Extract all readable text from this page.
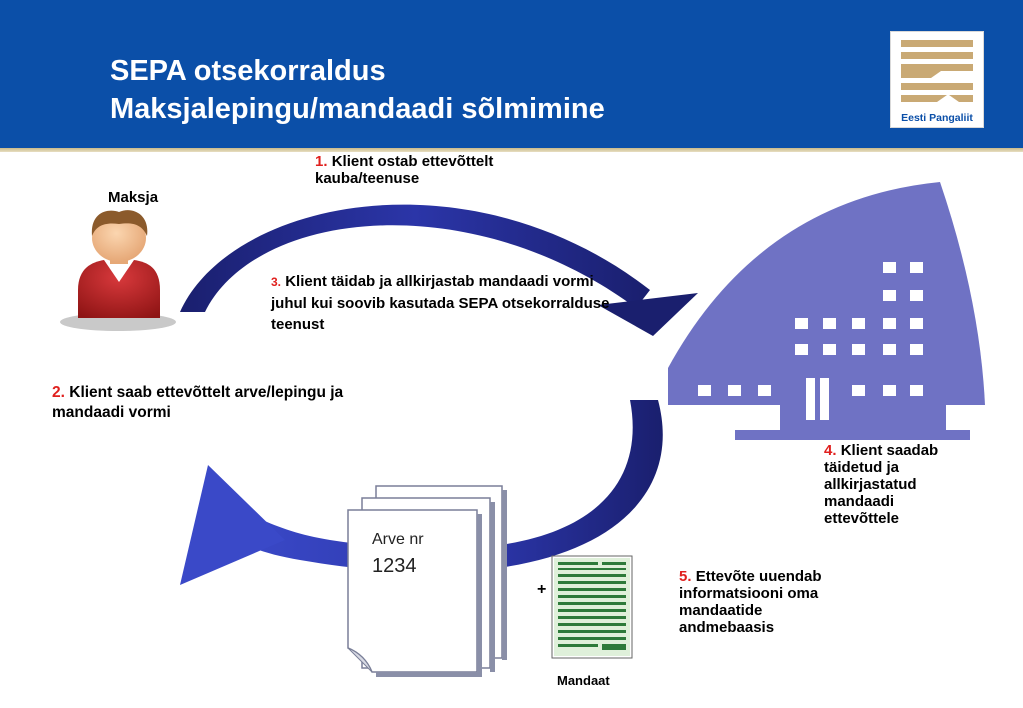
SEPA otsekorraldus
Maksjalepingu/mandaadi sõlmimine	Eesti Pangaliit
Maksja
1. Klient ostab ettevõttelt kauba/teenuse
2. Klient saab ettevõttelt arve/lepingu ja mandaadi vormi
3. Klient täidab ja allkirjastab mandaadi vormi juhul kui soovib kasutada SEPA otsekorralduse teenust
4. Klient saadab täidetud ja allkirjastatud mandaadi ettevõttele
5. Ettevõte uuendab informatsiooni oma mandaatide andmebaasis
Arve nr
1234
+
Mandaat
